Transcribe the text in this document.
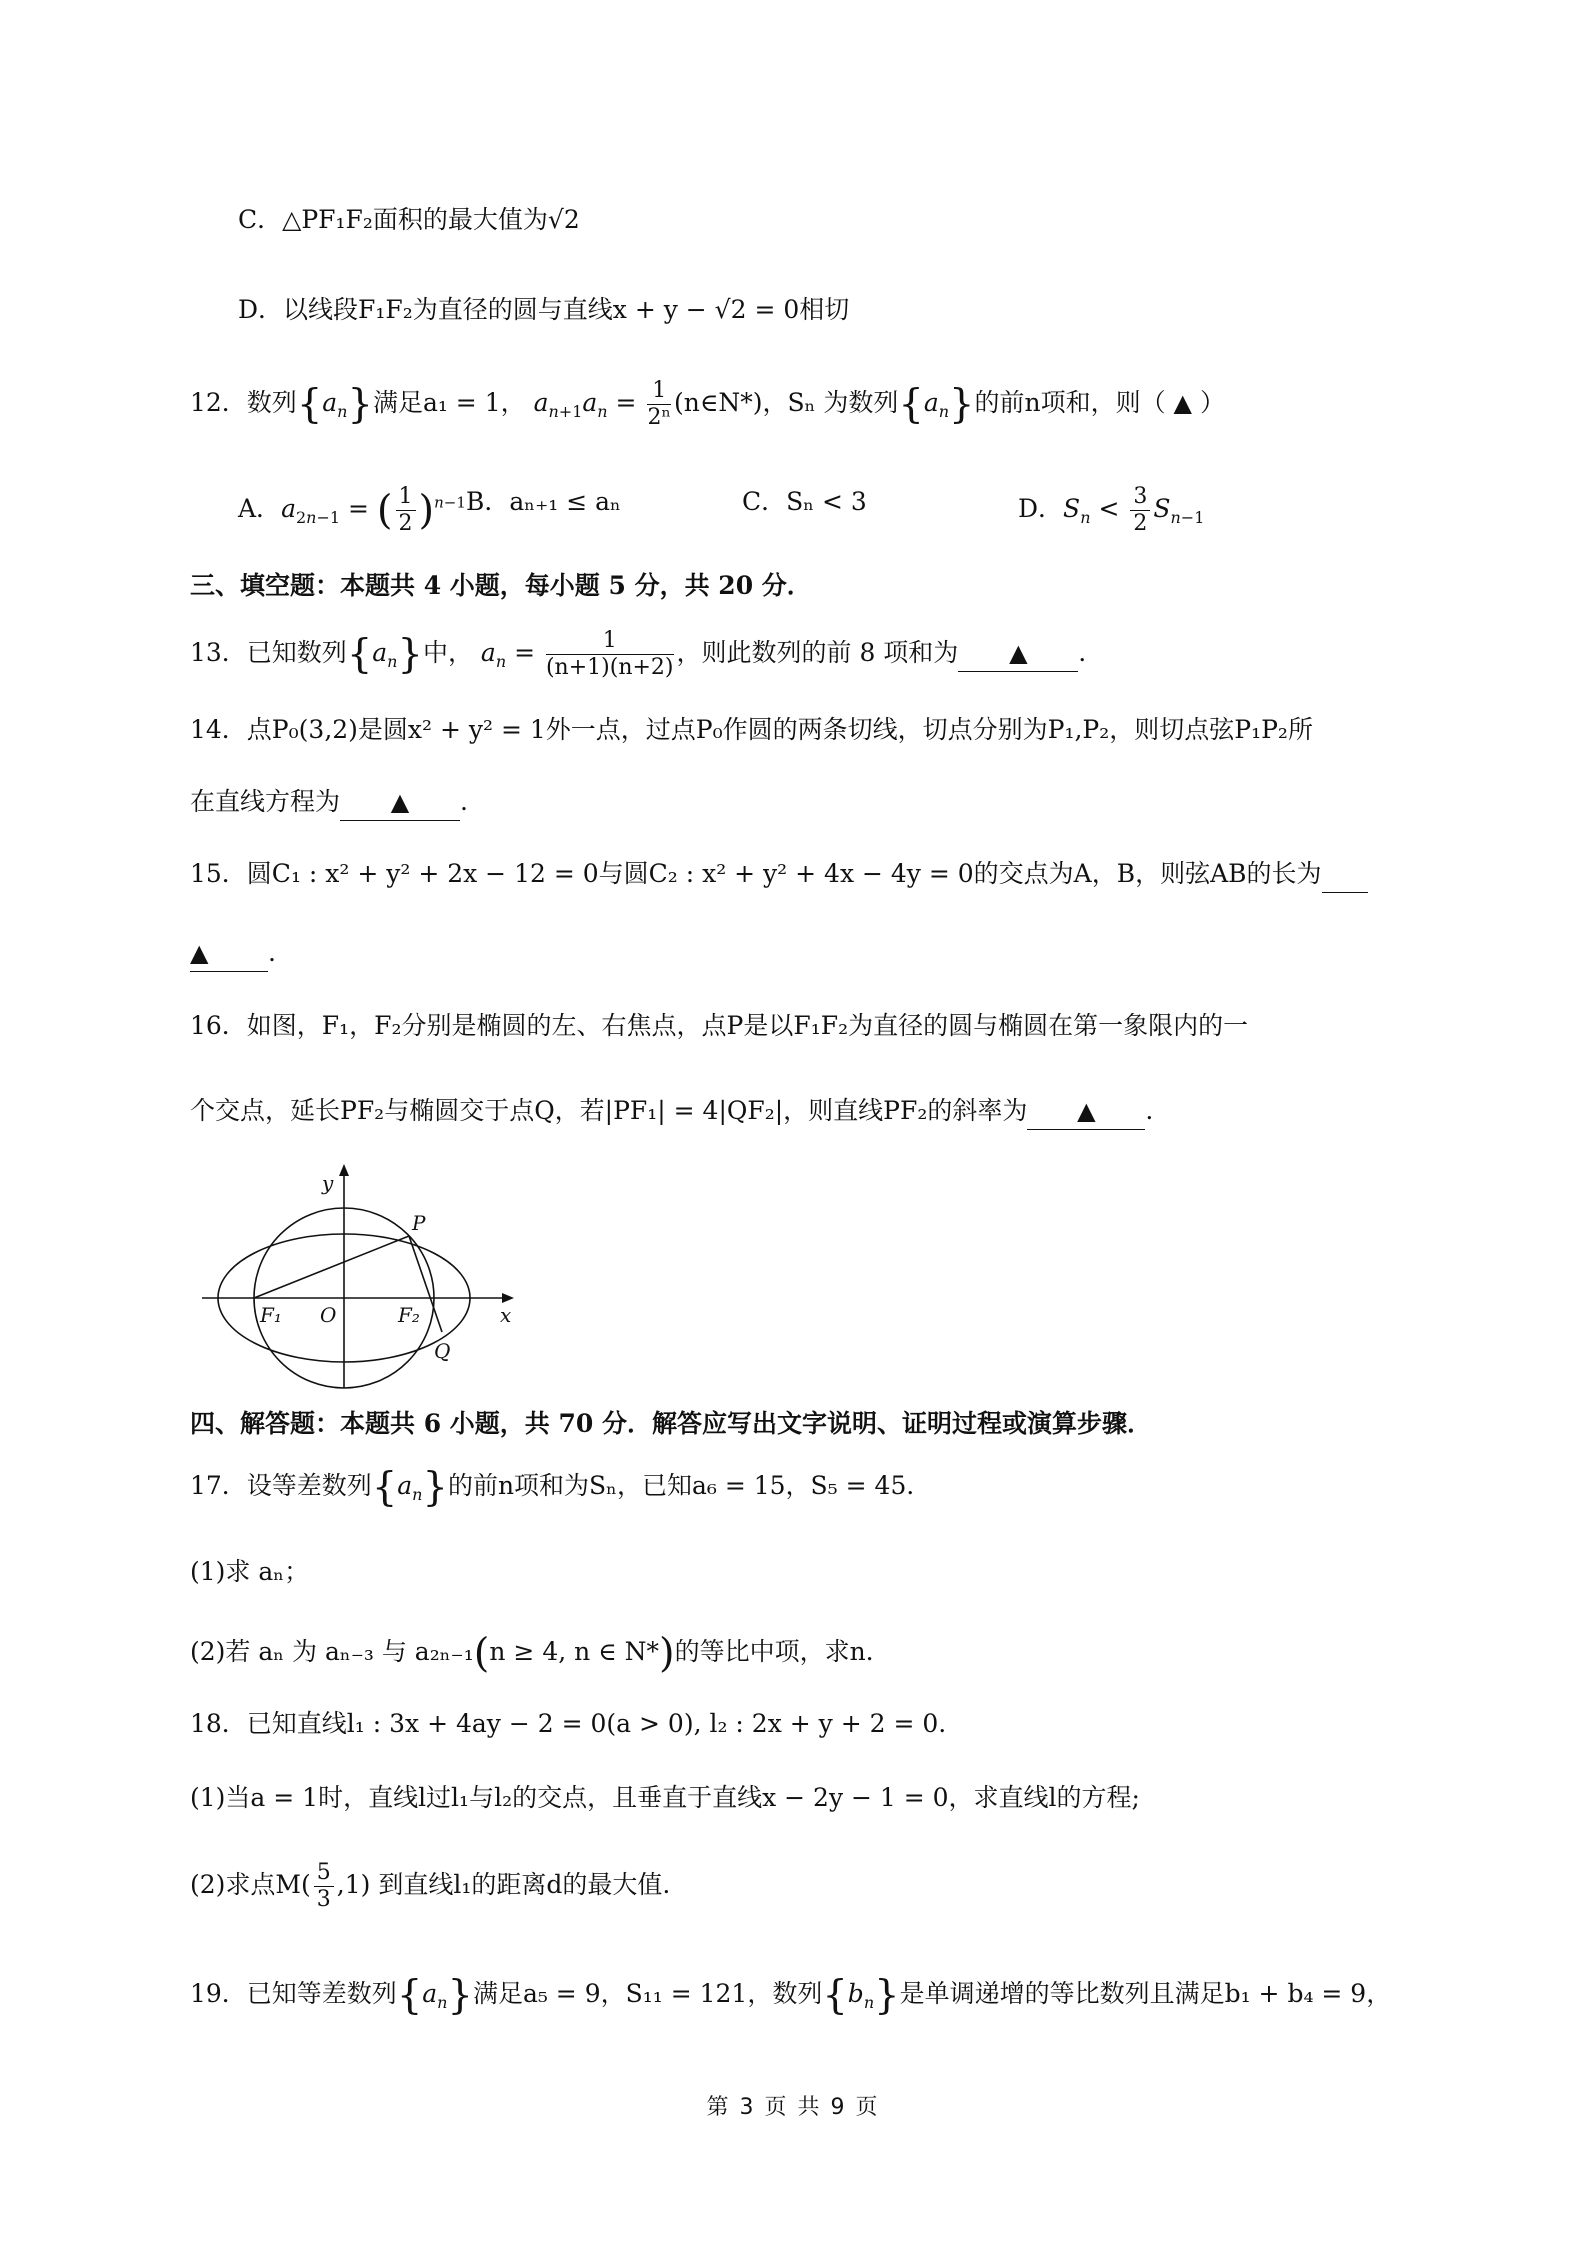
C．△PF₁F₂面积的最大值为√2
D．以线段F₁F₂为直径的圆与直线x + y − √2 = 0相切
12．数列$\{a_n\}$满足a₁ = 1， $a_{n+1}a_n = \frac{1}{\text{2ⁿ}}$ (n∈N*)，Sₙ 为数列$\{a_n\}$的前n项和，则（ ▲ ）
A．$a_{2n-1}$ = ( $\frac{1}{2} )^{n-1}$ B．aₙ₊₁ ≤ aₙ	C．Sₙ < 3	D．$S_n < \frac{3}{2} S_{n-1}$
三、填空题：本题共 4 小题，每小题 5 分，共 20 分．
13．已知数列$\{a_n\}$中， $a_n = \frac{1}{(n+1)(n+2)}$ ，则此数列的前 8 项和为 ▲ ．
14．点P₀(3,2)是圆x² + y² = 1外一点，过点P₀作圆的两条切线，切点分别为P₁,P₂，则切点弦P₁P₂所
在直线方程为 ▲ .
15．圆C₁ : x² + y² + 2x − 12 = 0与圆C₂ : x² + y² + 4x − 4y = 0的交点为A，B，则弦AB的长为
▲ .
16．如图，F₁，F₂分别是椭圆的左、右焦点，点P是以F₁F₂为直径的圆与椭圆在第一象限内的一
个交点，延长PF₂与椭圆交于点Q，若|PF₁| = 4|QF₂|，则直线PF₂的斜率为 ▲ .
y
x
P
Q
F₁ O	F₂
四、解答题：本题共 6 小题，共 70 分．解答应写出文字说明、证明过程或演算步骤．
17．设等差数列$\{a_n\}$的前n项和为Sₙ，已知a₆ = 15，S₅ = 45．
(1)求 aₙ；
(2)若 aₙ 为 aₙ₋₃ 与 a₂ₙ₋₁(n ≥ 4, n ∈ N*)的等比中项，求n．
18．已知直线l₁ : 3x + 4ay − 2 = 0(a > 0), l₂ : 2x + y + 2 = 0.
(1)当a = 1时，直线l过l₁与l₂的交点，且垂直于直线x − 2y − 1 = 0，求直线l的方程;
(2)求点$M( \frac{5}{3} ,1)$ 到直线l₁的距离d的最大值.
19．已知等差数列$\{a_n\}$满足a₅ = 9，S₁₁ = 121，数列$\{b_n\}$是单调递增的等比数列且满足b₁ + b₄ = 9，
第 3 页 共 9 页
